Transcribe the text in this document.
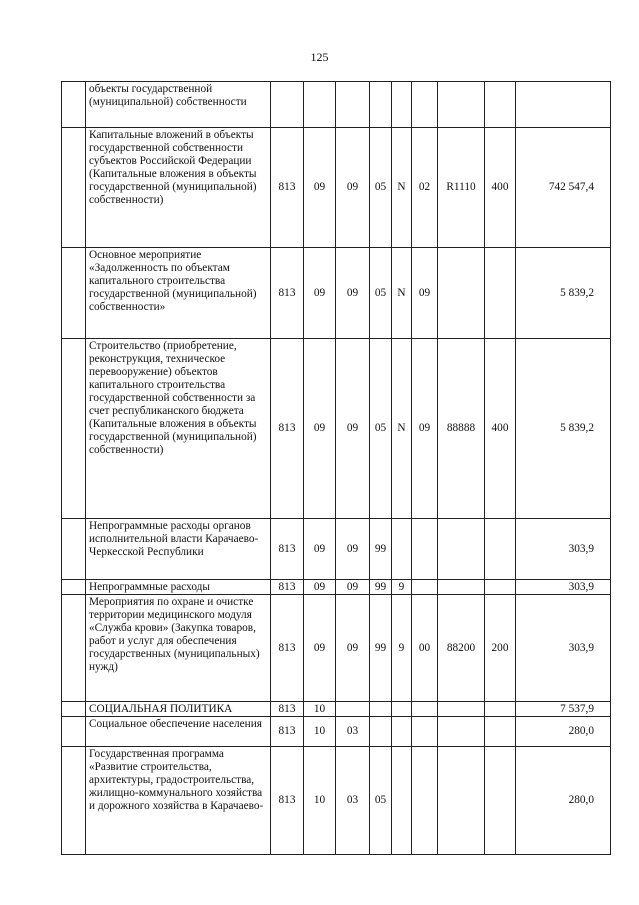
125
	объекты государственной (муниципальной) собственности									
	Капитальные вложений в объекты государственной собственности субъектов Российской Федерации (Капитальные вложения в объекты государственной (муниципальной) собственности)	813	09	09	05	N	02	R1110	400	742 547,4
	Основное мероприятие «Задолженность по объектам капитального строительства государственной (муниципальной) собственности»	813	09	09	05	N	09			5 839,2
	Строительство (приобретение, реконструкция, техническое перевооружение) объектов капитального строительства государственной собственности за счет республиканского бюджета (Капитальные вложения в объекты государственной (муниципальной) собственности)	813	09	09	05	N	09	88888	400	5 839,2
	Непрограммные расходы органов исполнительной власти Карачаево-Черкесской Республики	813	09	09	99					303,9
	Непрограммные расходы	813	09	09	99	9				303,9
	Мероприятия по охране и очистке территории медицинского модуля «Служба крови» (Закупка товаров, работ и услуг для обеспечения государственных (муниципальных) нужд)	813	09	09	99	9	00	88200	200	303,9
	СОЦИАЛЬНАЯ ПОЛИТИКА	813	10							7 537,9
	Социальное обеспечение населения	813	10	03						280,0
	Государственная программа «Развитие строительства, архитектуры, градостроительства, жилищно-коммунального хозяйства и дорожного хозяйства в Карачаево-	813	10	03	05					280,0
